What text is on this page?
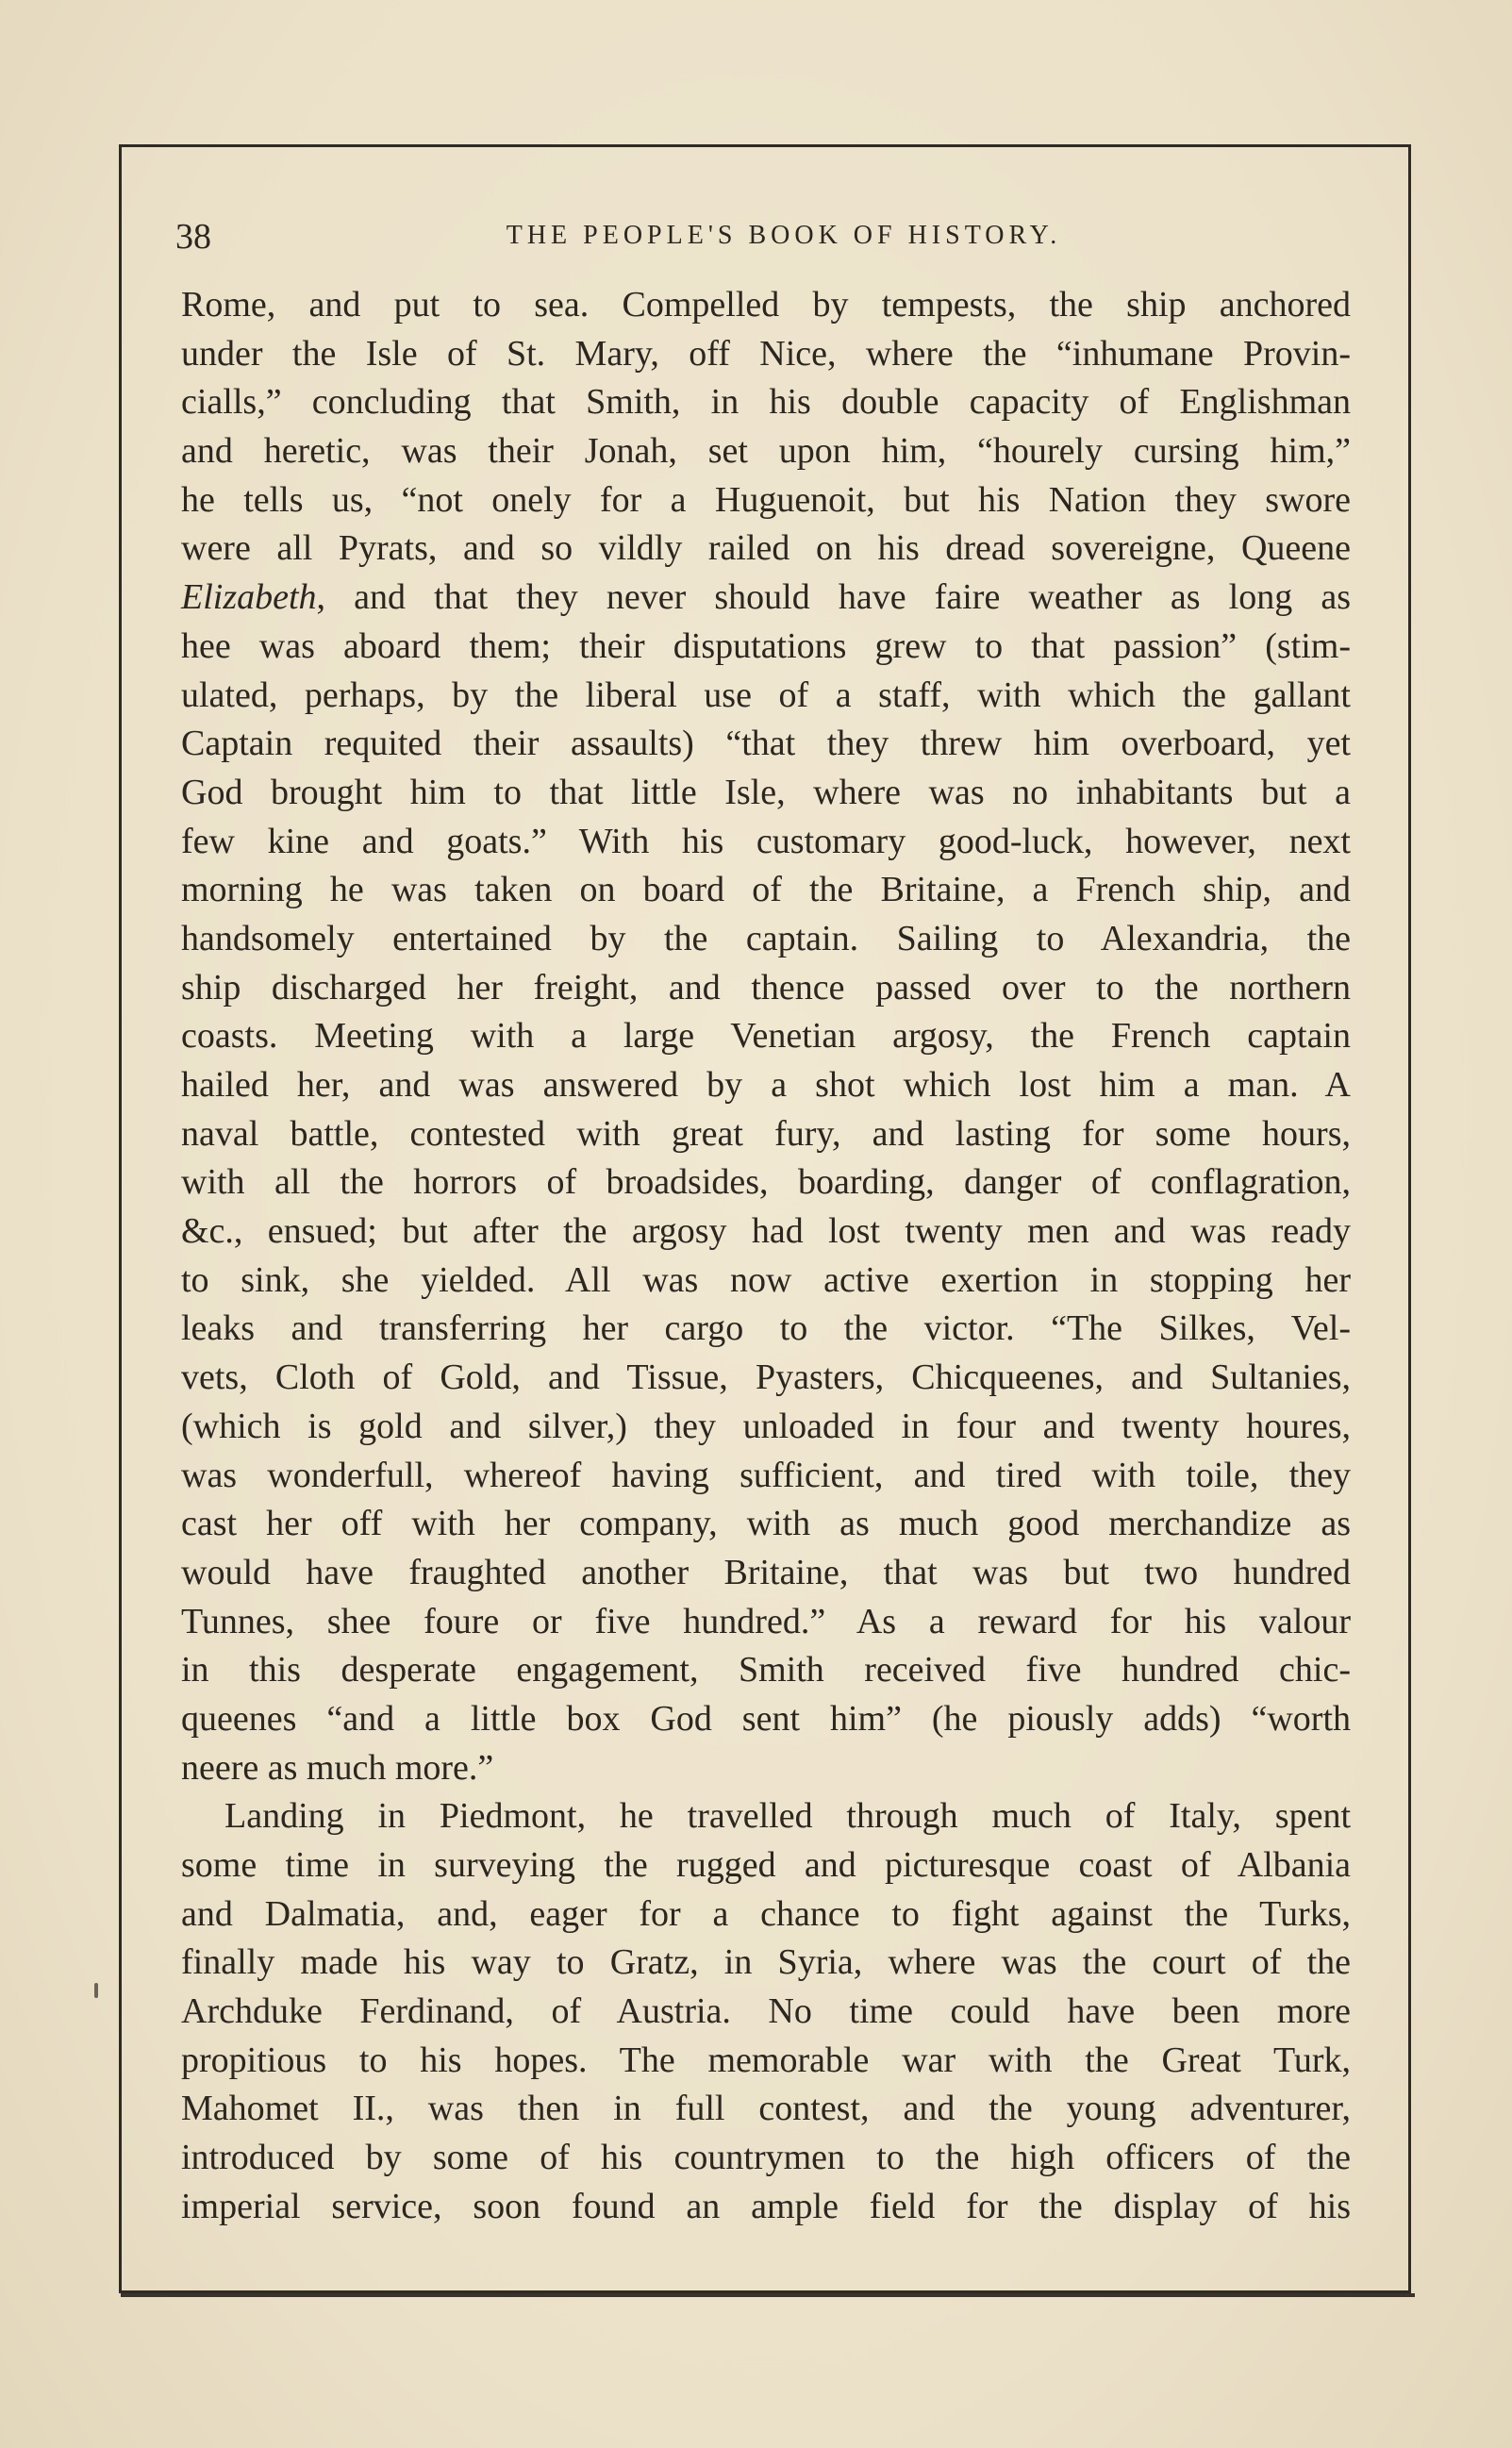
38	THE PEOPLE'S BOOK OF HISTORY.
Rome, and put to sea. Compelled by tempests, the ship anchored
under the Isle of St. Mary, off Nice, where the “inhumane Provin-
cialls,” concluding that Smith, in his double capacity of Englishman
and heretic, was their Jonah, set upon him, “hourely cursing him,”
he tells us, “not onely for a Huguenoit, but his Nation they swore
were all Pyrats, and so vildly railed on his dread sovereigne, Queene
Elizabeth, and that they never should have faire weather as long as
hee was aboard them; their disputations grew to that passion” (stim-
ulated, perhaps, by the liberal use of a staff, with which the gallant
Captain requited their assaults) “that they threw him overboard, yet
God brought him to that little Isle, where was no inhabitants but a
few kine and goats.” With his customary good-luck, however, next
morning he was taken on board of the Britaine, a French ship, and
handsomely entertained by the captain. Sailing to Alexandria, the
ship discharged her freight, and thence passed over to the northern
coasts. Meeting with a large Venetian argosy, the French captain
hailed her, and was answered by a shot which lost him a man. A
naval battle, contested with great fury, and lasting for some hours,
with all the horrors of broadsides, boarding, danger of conflagration,
&c., ensued; but after the argosy had lost twenty men and was ready
to sink, she yielded. All was now active exertion in stopping her
leaks and transferring her cargo to the victor. “The Silkes, Vel-
vets, Cloth of Gold, and Tissue, Pyasters, Chicqueenes, and Sultanies,
(which is gold and silver,) they unloaded in four and twenty houres,
was wonderfull, whereof having sufficient, and tired with toile, they
cast her off with her company, with as much good merchandize as
would have fraughted another Britaine, that was but two hundred
Tunnes, shee foure or five hundred.” As a reward for his valour
in this desperate engagement, Smith received five hundred chic-
queenes “and a little box God sent him” (he piously adds) “worth
neere as much more.”
Landing in Piedmont, he travelled through much of Italy, spent
some time in surveying the rugged and picturesque coast of Albania
and Dalmatia, and, eager for a chance to fight against the Turks,
finally made his way to Gratz, in Syria, where was the court of the
Archduke Ferdinand, of Austria. No time could have been more
propitious to his hopes. The memorable war with the Great Turk,
Mahomet II., was then in full contest, and the young adventurer,
introduced by some of his countrymen to the high officers of the
imperial service, soon found an ample field for the display of his
